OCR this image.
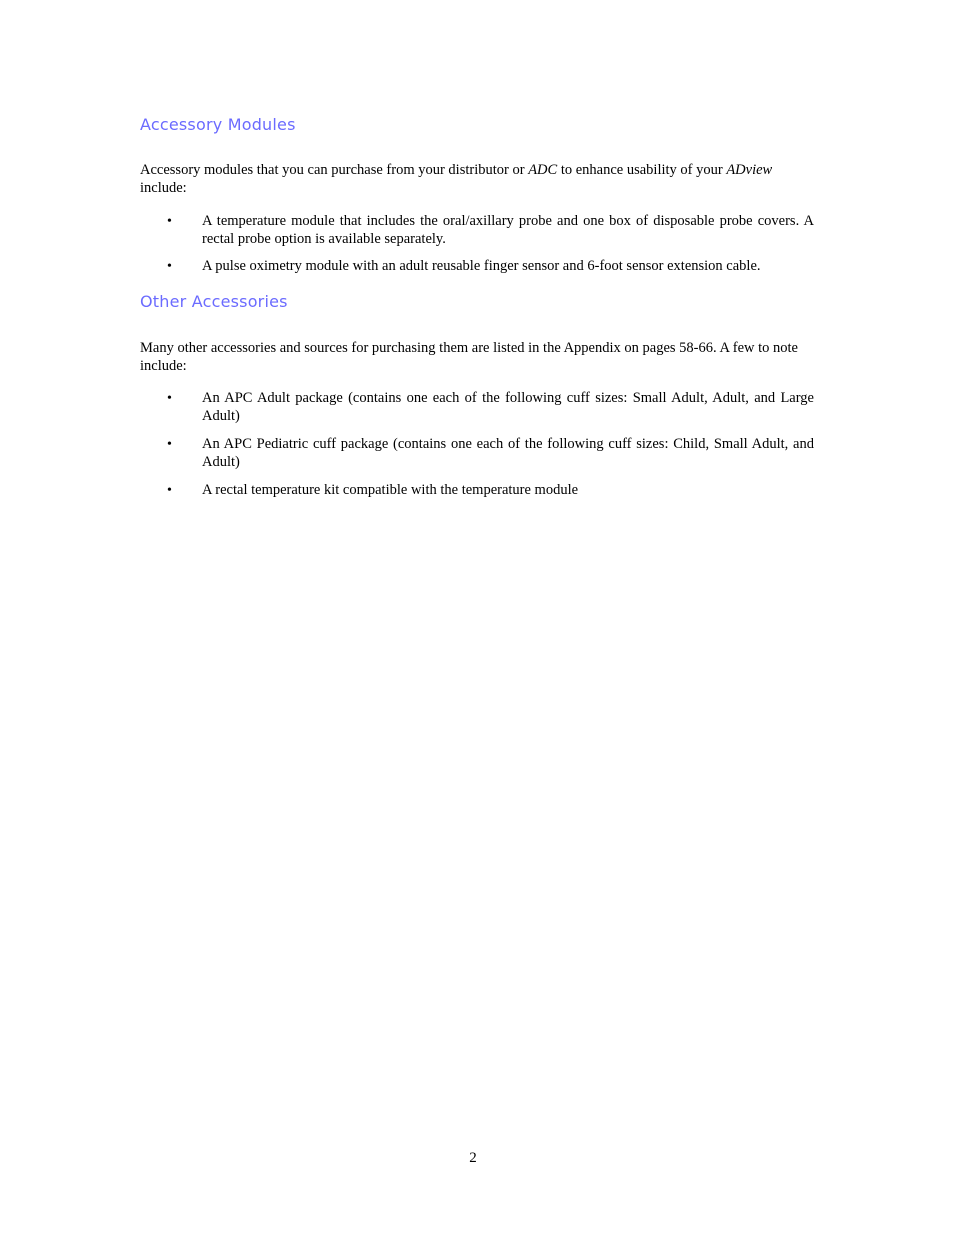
Accessory Modules

Accessory modules that you can purchase from your distributor or ADC to enhance usability of your ADview include:

• A temperature module that includes the oral/axillary probe and one box of disposable probe covers. A rectal probe option is available separately.
• A pulse oximetry module with an adult reusable finger sensor and 6-foot sensor extension cable.
Other Accessories

Many other accessories and sources for purchasing them are listed in the Appendix on pages 58-66. A few to note include:

• An APC Adult package (contains one each of the following cuff sizes: Small Adult, Adult, and Large Adult)
• An APC Pediatric cuff package (contains one each of the following cuff sizes: Child, Small Adult, and Adult)
• A rectal temperature kit compatible with the temperature module
2
